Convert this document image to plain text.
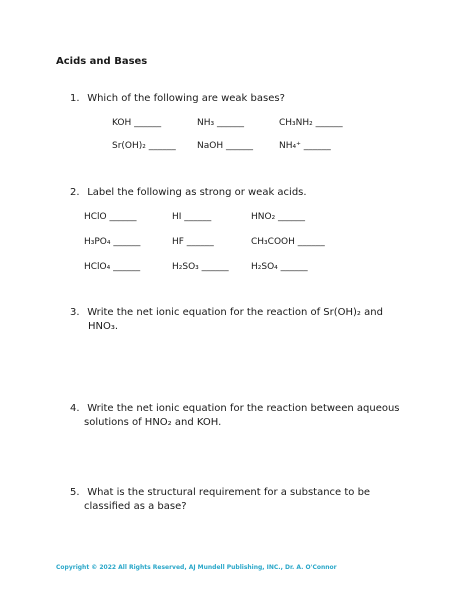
Acids and Bases
1. Which of the following are weak bases?
KOH ______	NH₃ ______	CH₃NH₂ ______
Sr(OH)₂ ______ NaOH ______	NH₄⁺ ______
2. Label the following as strong or weak acids.
HClO ______	HI ______	HNO₂ ______
H₃PO₄ ______	HF ______	CH₃COOH ______
HClO₄ ______	H₂SO₃ ______ H₂SO₄ ______
3. Write the net ionic equation for the reaction of Sr(OH)₂ and
HNO₃.
4. Write the net ionic equation for the reaction between aqueous
solutions of HNO₂ and KOH.
5. What is the structural requirement for a substance to be
classified as a base?
Copyright © 2022 All Rights Reserved, AJ Mundell Publishing, INC., Dr. A. O'Connor
